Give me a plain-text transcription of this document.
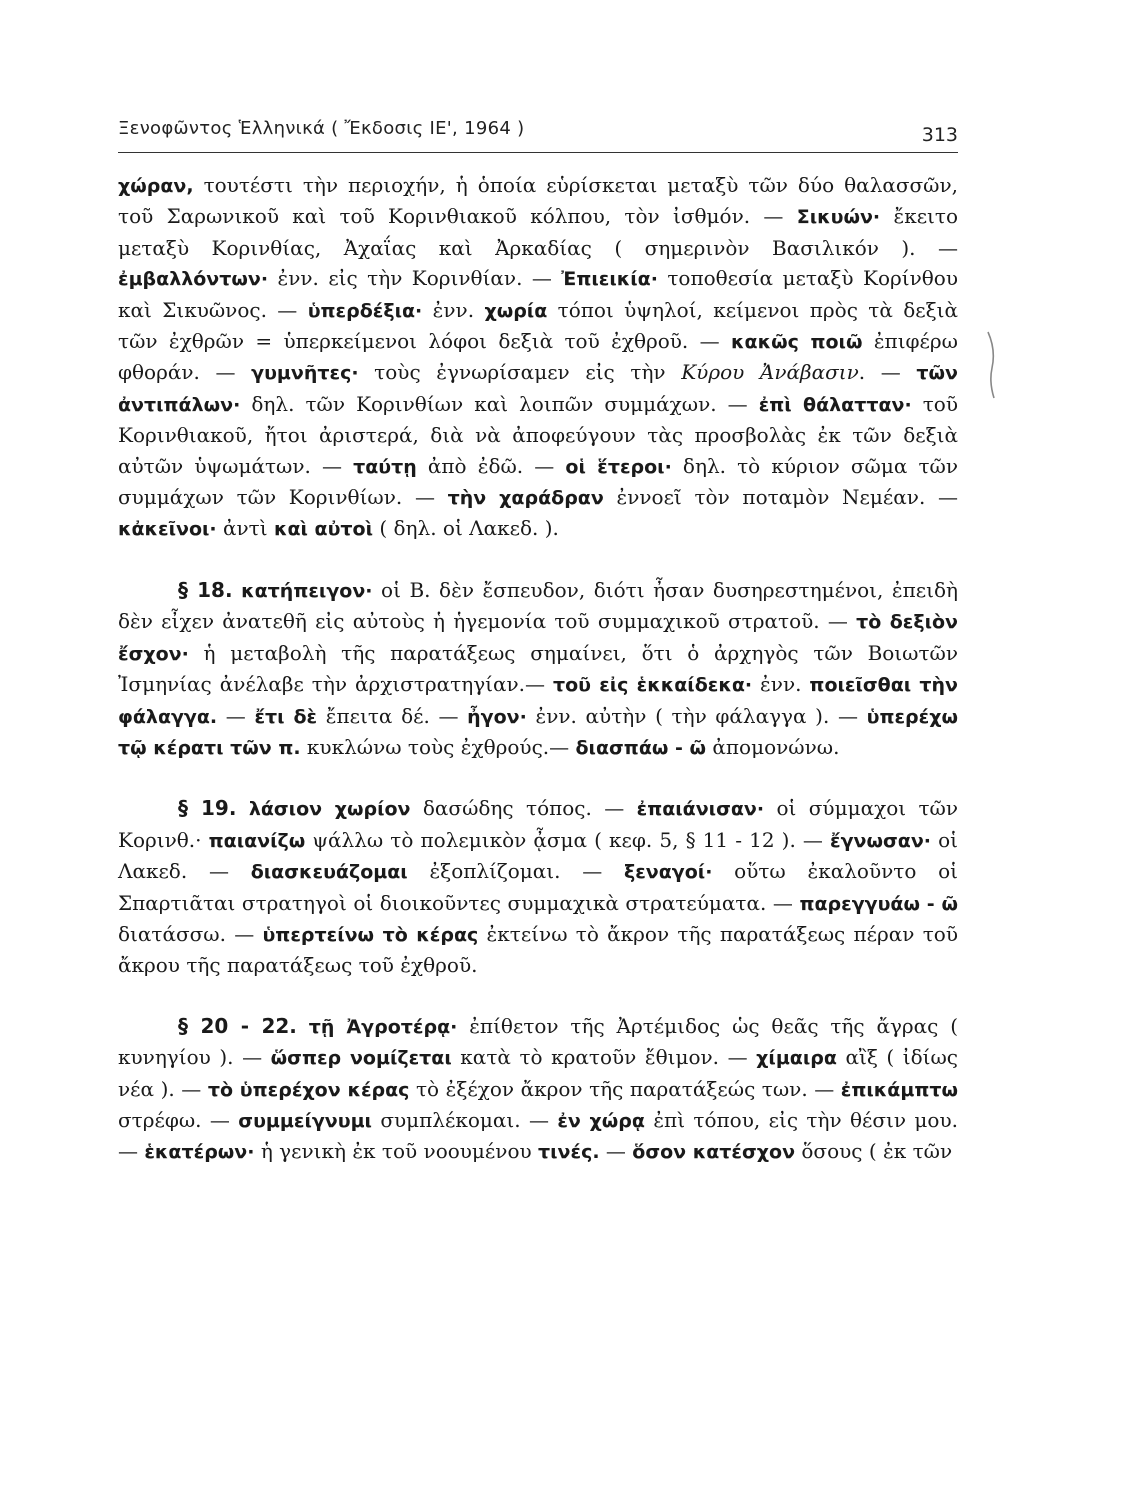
Ξενοφῶντος Ἑλληνικά ( Ἔκδοσις ΙΕ', 1964 )	313

χώραν, τουτέστι τὴν περιοχήν, ἡ ὁποία εὑρίσκεται μεταξὺ τῶν δύο θαλασσῶν, τοῦ Σαρωνικοῦ καὶ τοῦ Κορινθιακοῦ κόλπου, τὸν ἰσθμόν. — Σικυών· ἔκειτο μεταξὺ Κορινθίας, Ἀχαΐας καὶ Ἀρκαδίας ( σημερινὸν Βασιλικόν ). — ἐμβαλλόντων· ἐνν. εἰς τὴν Κορινθίαν. — Ἐπιεικία· τοποθεσία μεταξὺ Κορίνθου καὶ Σικυῶνος. — ὑπερδέξια· ἐνν. χωρία τόποι ὑψηλοί, κείμενοι πρὸς τὰ δεξιὰ τῶν ἐχθρῶν = ὑπερκείμενοι λόφοι δεξιὰ τοῦ ἐχθροῦ. — κακῶς ποιῶ ἐπιφέρω φθοράν. — γυμνῆτες· τοὺς ἐγνωρίσαμεν εἰς τὴν Κύρου Ἀνάβασιν. — τῶν ἀντιπάλων· δηλ. τῶν Κορινθίων καὶ λοιπῶν συμμάχων. — ἐπὶ θάλατταν· τοῦ Κορινθιακοῦ, ἤτοι ἀριστερά, διὰ νὰ ἀποφεύγουν τὰς προσβολὰς ἐκ τῶν δεξιὰ αὐτῶν ὑψωμάτων. — ταύτῃ ἀπὸ ἐδῶ. — οἱ ἕτεροι· δηλ. τὸ κύριον σῶμα τῶν συμμάχων τῶν Κορινθίων. — τὴν χαράδραν ἐννοεῖ τὸν ποταμὸν Νεμέαν. — κἀκεῖνοι· ἀντὶ καὶ αὐτοὶ ( δηλ. οἱ Λακεδ. ).

§ 18. κατήπειγον· οἱ Β. δὲν ἔσπευδον, διότι ἦσαν δυσηρεστημένοι, ἐπειδὴ δὲν εἶχεν ἀνατεθῆ εἰς αὐτοὺς ἡ ἡγεμονία τοῦ συμμαχικοῦ στρατοῦ. — τὸ δεξιὸν ἔσχον· ἡ μεταβολὴ τῆς παρατάξεως σημαίνει, ὅτι ὁ ἀρχηγὸς τῶν Βοιωτῶν Ἰσμηνίας ἀνέλαβε τὴν ἀρχιστρατηγίαν.— τοῦ εἰς ἑκκαίδεκα· ἐνν. ποιεῖσθαι τὴν φάλαγγα. — ἔτι δὲ ἔπειτα δέ. — ἦγον· ἐνν. αὐτὴν ( τὴν φάλαγγα ). — ὑπερέχω τῷ κέρατι τῶν π. κυκλώνω τοὺς ἐχθρούς.— διασπάω - ῶ ἀπομονώνω.

§ 19. λάσιον χωρίον δασώδης τόπος. — ἐπαιάνισαν· οἱ σύμμαχοι τῶν Κορινθ.· παιανίζω ψάλλω τὸ πολεμικὸν ᾆσμα ( κεφ. 5, § 11 - 12 ). — ἔγνωσαν· οἱ Λακεδ. — διασκευάζομαι ἐξοπλίζομαι. — ξεναγοί· οὕτω ἐκαλοῦντο οἱ Σπαρτιᾶται στρατηγοὶ οἱ διοικοῦντες συμμαχικὰ στρατεύματα. — παρεγγυάω - ῶ διατάσσω. — ὑπερτείνω τὸ κέρας ἐκτείνω τὸ ἄκρον τῆς παρατάξεως πέραν τοῦ ἄκρου τῆς παρατάξεως τοῦ ἐχθροῦ.

§ 20 - 22. τῇ Ἀγροτέρᾳ· ἐπίθετον τῆς Ἀρτέμιδος ὡς θεᾶς τῆς ἄγρας ( κυνηγίου ). — ὥσπερ νομίζεται κατὰ τὸ κρατοῦν ἔθιμον. — χίμαιρα αἲξ ( ἰδίως νέα ). — τὸ ὑπερέχον κέρας τὸ ἐξέχον ἄκρον τῆς παρατάξεώς των. — ἐπικάμπτω στρέφω. — συμμείγνυμι συμπλέκομαι. — ἐν χώρᾳ ἐπὶ τόπου, εἰς τὴν θέσιν μου. — ἑκατέρων· ἡ γενικὴ ἐκ τοῦ νοουμένου τινές. — ὅσον κατέσχον ὅσους ( ἐκ τῶν
